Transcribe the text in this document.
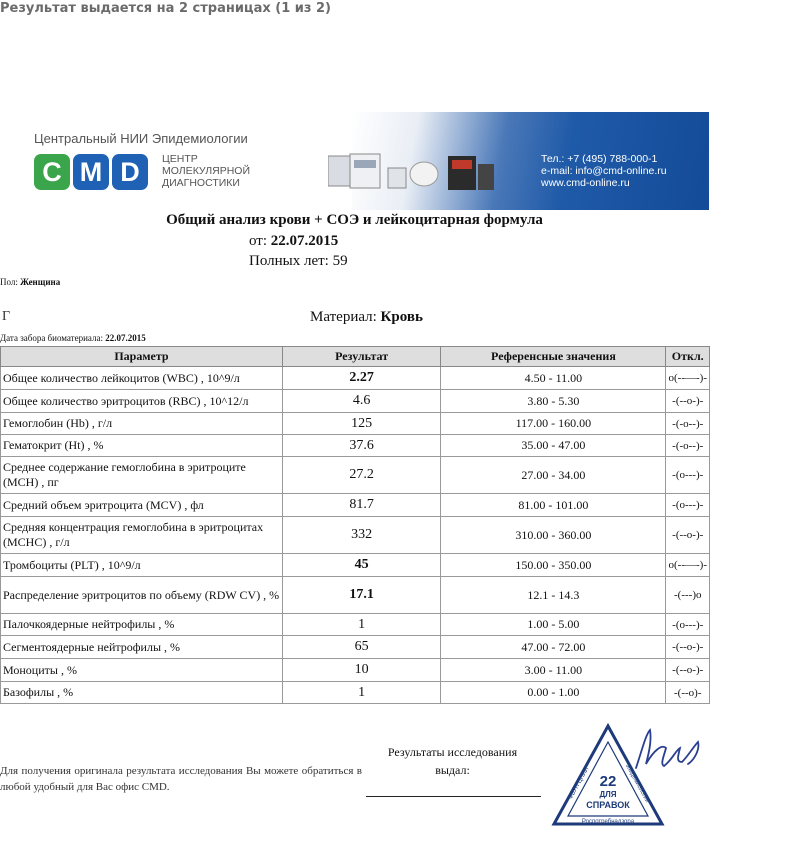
Результат выдается на 2 страницах (1 из 2)
Центральный НИИ Эпидемиологии
C M D	ЦЕНТР
МОЛЕКУЛЯРНОЙ
ДИАГНОСТИКИ
Тел.: +7 (495) 788-000-1
e-mail: info@cmd-online.ru
www.cmd-online.ru
Общий анализ крови + СОЭ и лейкоцитарная формула
от: 22.07.2015
Полных лет: 59
Пол: Женщина
Г	Материал: Кровь
Дата забора биоматериала: 22.07.2015
Параметр	Результат	Референсные значения	Откл.
Общее количество лейкоцитов (WBC) , 10^9/л	2.27	4.50 - 11.00	o(--—-)-
Общее количество эритроцитов (RBC) , 10^12/л	4.6	3.80 - 5.30	-(--o-)-
Гемоглобин (Hb) , г/л	125	117.00 - 160.00	-(-o--)-
Гематокрит (Ht) , %	37.6	35.00 - 47.00	-(-o--)-
Среднее содержание гемоглобина в эритроците (MCH) , пг	27.2	27.00 - 34.00	-(o---)-
Средний объем эритроцита (MCV) , фл	81.7	81.00 - 101.00	-(o---)-
Средняя концентрация гемоглобина в эритроцитах (MCHC) , г/л	332	310.00 - 360.00	-(--o-)-
Тромбоциты (PLT) , 10^9/л	45	150.00 - 350.00	o(--—-)-
Распределение эритроцитов по объему (RDW CV) , %	17.1	12.1 - 14.3	-(---)o
Палочкоядерные нейтрофилы , %	1	1.00 - 5.00	-(o---)-
Сегментоядерные нейтрофилы , %	65	47.00 - 72.00	-(--o-)-
Моноциты , %	10	3.00 - 11.00	-(--o-)-
Базофилы , %	1	0.00 - 1.00	-(--o)-
Для получения оригинала результата исследования Вы можете обратиться в любой удобный для Вас офис CMD.
Результаты исследования выдал:
22
ДЛЯ
СПРАВОК
Роспотребнадзора
ФБУН ЦНИИ	эпидемиологии
